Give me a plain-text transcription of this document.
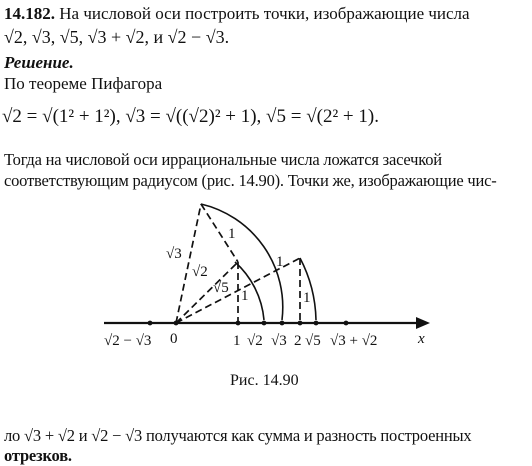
14.182. На числовой оси построить точки, изображающие числа
√2, √3, √5, √3 + √2, и √2 − √3.
Решение.
По теореме Пифагора
√2 = √(1² + 1²), √3 = √((√2)² + 1), √5 = √(2² + 1).
Тогда на числовой оси иррациональные числа ложатся засечкой
соответствующим радиусом (рис. 14.90). Точки же, изображающие чис-
x
√3
√2
√5
1
1
1
1
√2 − √3 0	1 √2 √3 2 √5 √3 + √2
Рис. 14.90
ло √3 + √2 и √2 − √3 получаются как сумма и разность построенных
отрезков.
